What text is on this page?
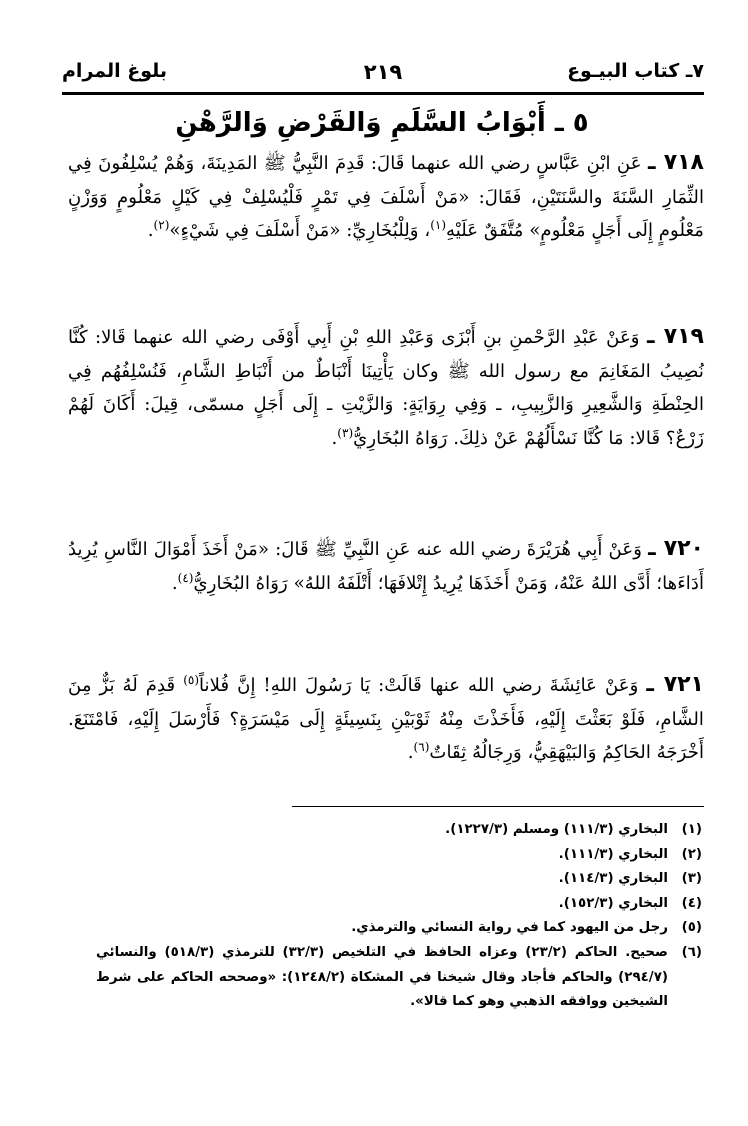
٧ـ كتاب البيـوع
٢١٩
بلوغ المرام
٥ ـ أَبْوَابُ السَّلَمِ وَالقَرْضِ وَالرَّهْنِ
٧١٨ ـ عَنِ ابْنِ عَبَّاسٍ رضي الله عنهما قَالَ: قَدِمَ النَّبِيُّ ﷺ المَدِينَةَ، وَهُمْ يُسْلِفُونَ فِي الثِّمَارِ السَّنَةَ والسَّنَتَيْنِ، فَقَالَ: «مَنْ أَسْلَفَ فِي تَمْرٍ فَلْيُسْلِفْ فِي كَيْلٍ مَعْلُومٍ وَوَزْنٍ مَعْلُومٍ إِلَى أَجَلٍ مَعْلُومٍ» مُتَّفَقٌ عَلَيْهِ$^{(١)}$، وَلِلْبُخَارِيِّ: «مَنْ أَسْلَفَ فِي شَيْءٍ»$^{(٢)}$.
٧١٩ ـ وَعَنْ عَبْدِ الرَّحْمنِ بنِ أَبْزَى وَعَبْدِ اللهِ بْنِ أَبِي أَوْفَى رضي الله عنهما قَالا: كُنَّا نُصِيبُ المَغَانِمَ مع رسول الله ﷺ وكان يَأْتِينَا أَنْبَاطٌ من أَنْبَاطِ الشَّامِ، فَنُسْلِفُهُم فِي الحِنْطَةِ وَالشَّعِيرِ وَالزَّبِيبِ، ـ وَفِي رِوَايَةٍ: وَالزَّيْتِ ـ إِلَى أَجَلٍ مسمّى، قِيلَ: أَكَانَ لَهُمْ زَرْعٌ؟ قَالا: مَا كُنَّا نَسْأَلُهُمْ عَنْ ذلِكَ. رَوَاهُ البُخَارِيُّ$^{(٣)}$.
٧٢٠ ـ وَعَنْ أَبِي هُرَيْرَةَ رضي الله عنه عَنِ النَّبِيِّ ﷺ قَالَ: «مَنْ أَخَذَ أَمْوَالَ النَّاسِ يُرِيدُ أَدَاءَها؛ أَدَّى اللهُ عَنْهُ، وَمَنْ أَخَذَهَا يُرِيدُ إِتْلافَهَا؛ أَتْلَفَهُ اللهُ» رَوَاهُ البُخَارِيُّ$^{(٤)}$.
٧٢١ ـ وَعَنْ عَائِشَةَ رضي الله عنها قَالَتْ: يَا رَسُولَ اللهِ! إِنَّ فُلاناً$^{(٥)}$ قَدِمَ لَهُ بَزٌّ مِنَ الشَّامِ، فَلَوْ بَعَثْتَ إِلَيْهِ، فَأَخَذْتَ مِنْهُ ثَوْبَيْنِ بِنَسِيئَةٍ إِلَى مَيْسَرَةٍ؟ فَأَرْسَلَ إِلَيْهِ، فَامْتَنَعَ. أَخْرَجَهُ الحَاكِمُ وَالبَيْهَقِيُّ، وَرِجَالُهُ ثِقَاتٌ$^{(٦)}$.
(١)
البخاري (١١١/٣) ومسلم (١٢٢٧/٣).
(٢)
البخاري (١١١/٣).
(٣)
البخاري (١١٤/٣).
(٤)
البخاري (١٥٢/٣).
(٥)
رجل من اليهود كما في رواية النسائي والترمذي.
(٦)
صحيح. الحاكم (٢٣/٢) وعزاه الحافظ في التلخيص (٣٢/٣) للترمذي (٥١٨/٣) والنسائي (٢٩٤/٧) والحاكم فأجاد وقال شيخنا في المشكاة (١٢٤٨/٢): «وصححه الحاكم على شرط الشيخين ووافقه الذهبي وهو كما قالا».
